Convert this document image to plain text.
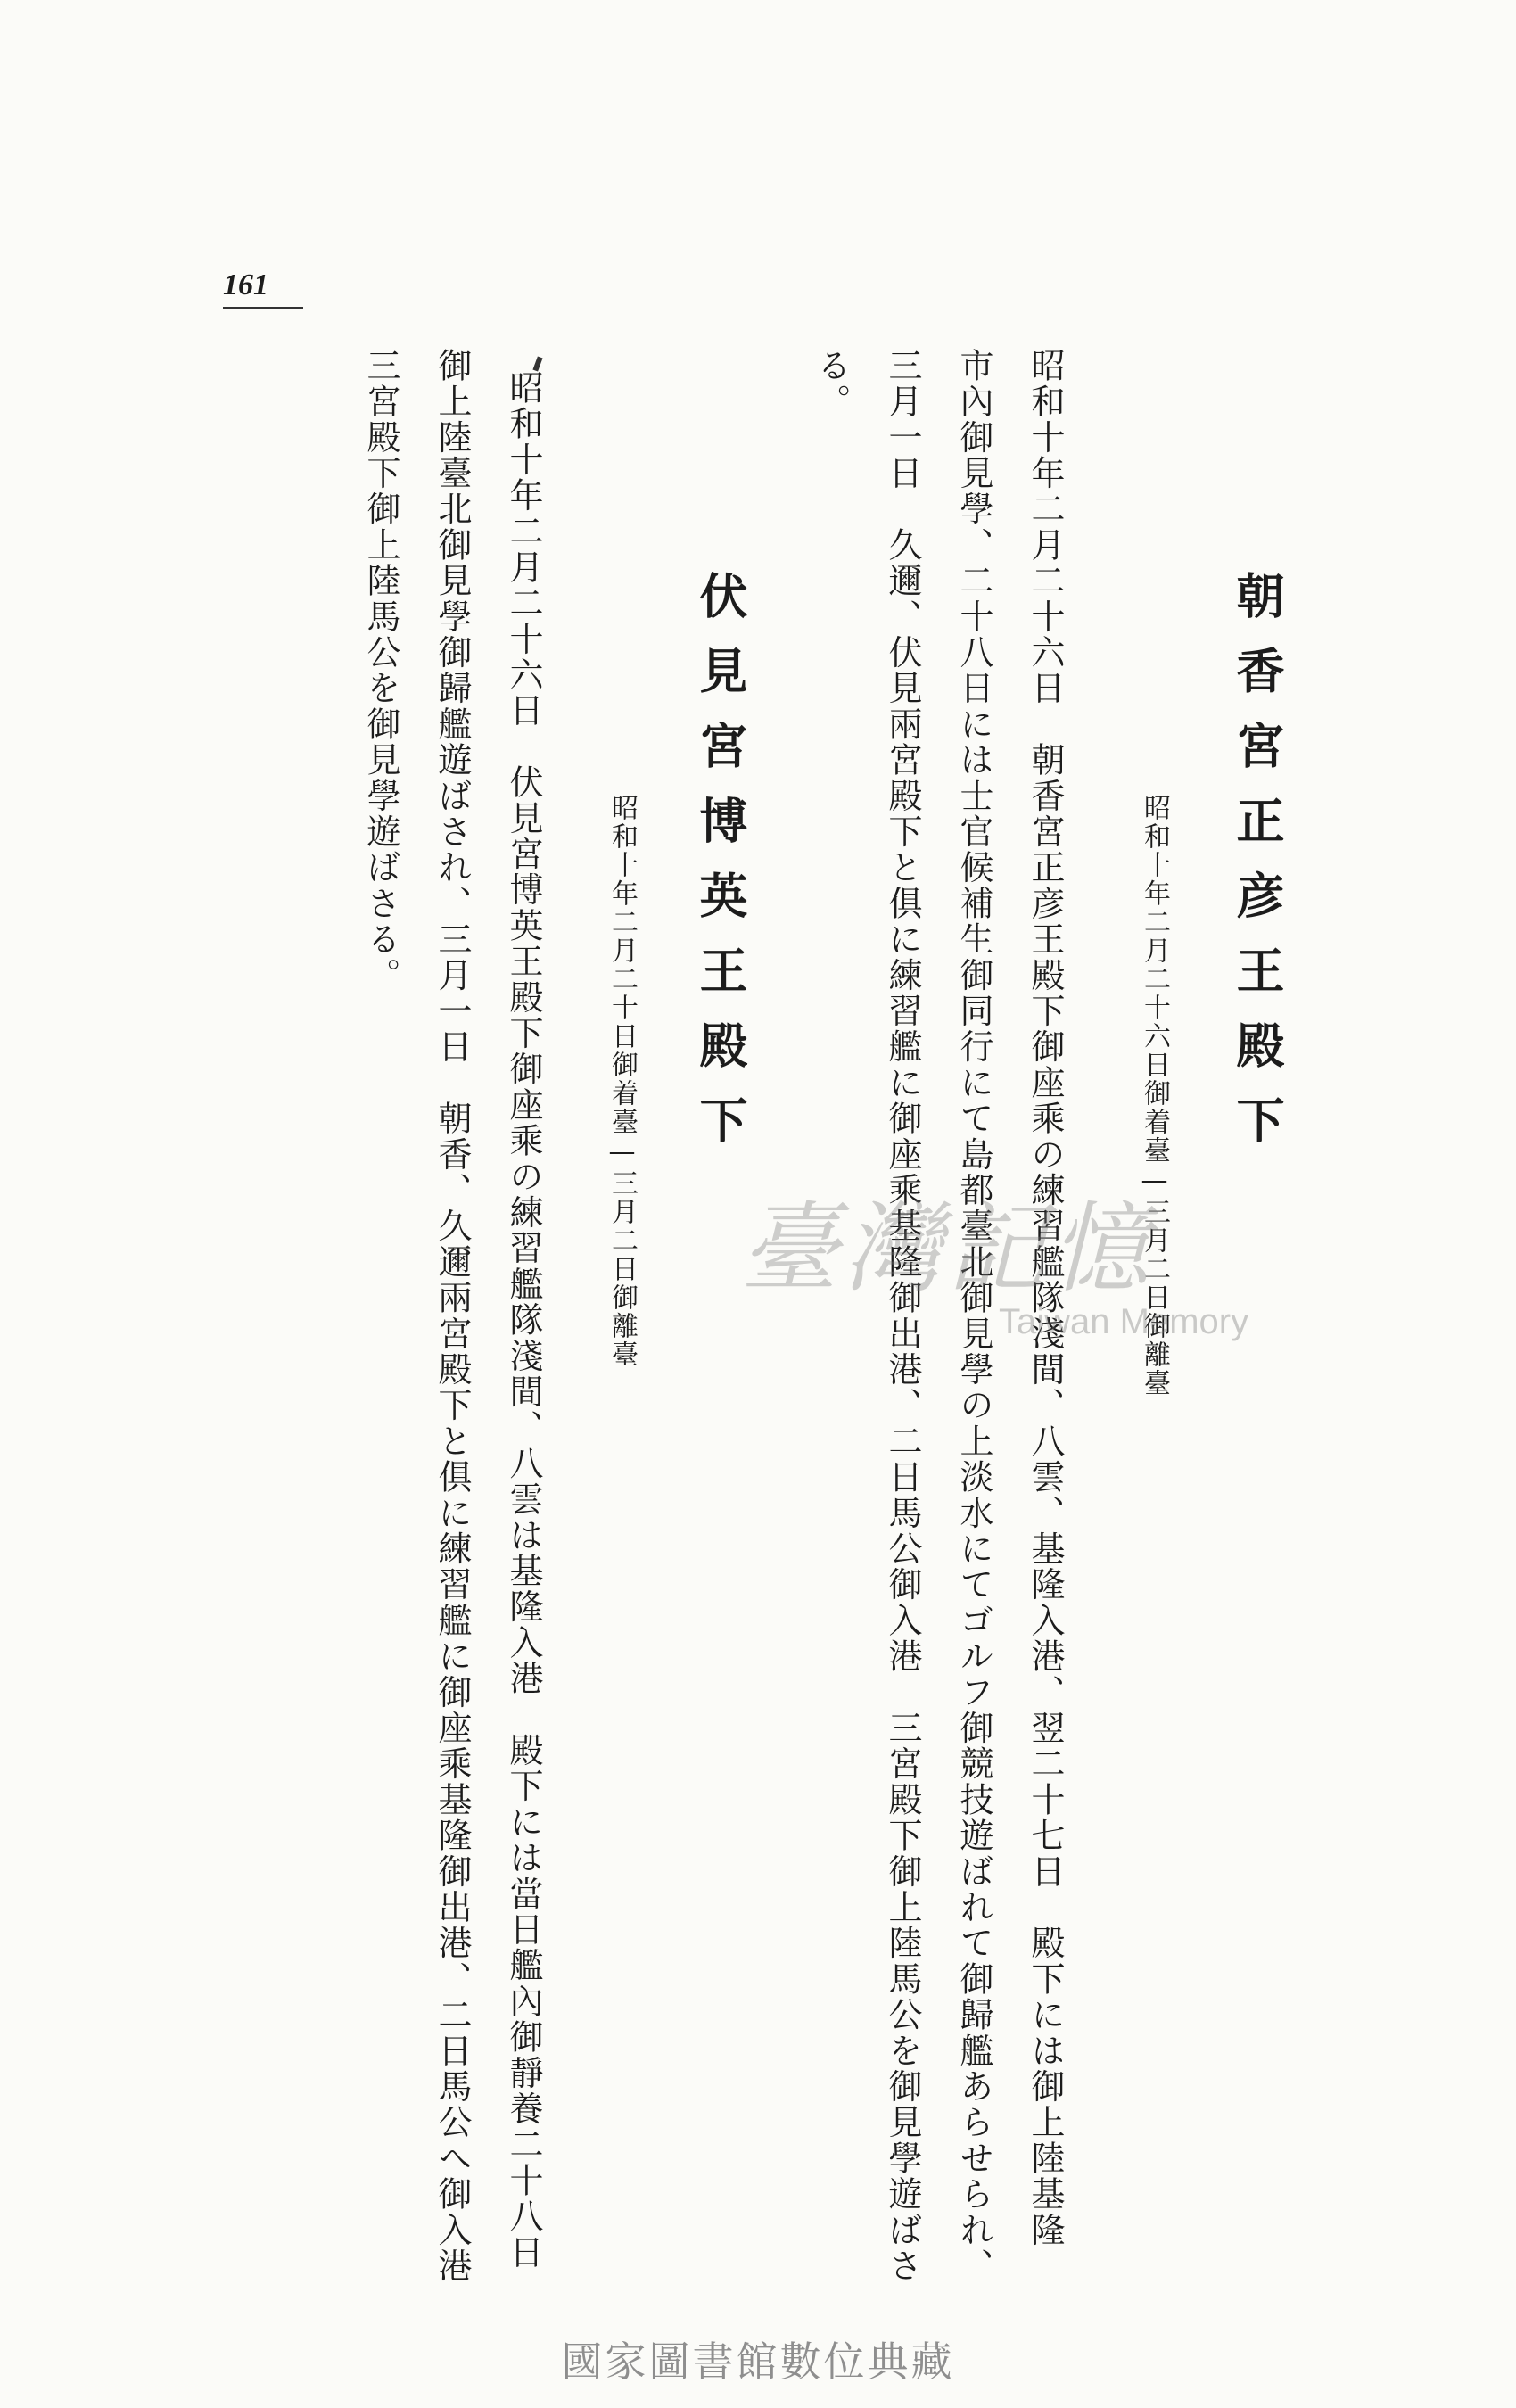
161
朝香宮正彦王殿下
昭和十年二月二十六日御着臺—三月二日御離臺
昭和十年二月二十六日　朝香宮正彦王殿下御座乘の練習艦隊淺間、八雲、基隆入港、翌二十七日　殿下には御上陸基隆
市內御見學、二十八日には士官候補生御同行にて島都臺北御見學の上淡水にてゴルフ御競技遊ばれて御歸艦あらせられ、
三月一日　久邇、伏見兩宮殿下と俱に練習艦に御座乘基隆御出港、二日馬公御入港　三宮殿下御上陸馬公を御見學遊ばさ
る。
伏見宮博英王殿下
昭和十年二月二十日御着臺—三月二日御離臺
昭和十年二月二十六日　伏見宮博英王殿下御座乘の練習艦隊淺間、八雲は基隆入港　殿下には當日艦內御靜養二十八日
御上陸臺北御見學御歸艦遊ばされ、三月一日　朝香、久邇兩宮殿下と俱に練習艦に御座乘基隆御出港、二日馬公へ御入港
三宮殿下御上陸馬公を御見學遊ばさる。
臺灣記憶
Taiwan Memory
國家圖書館數位典藏
